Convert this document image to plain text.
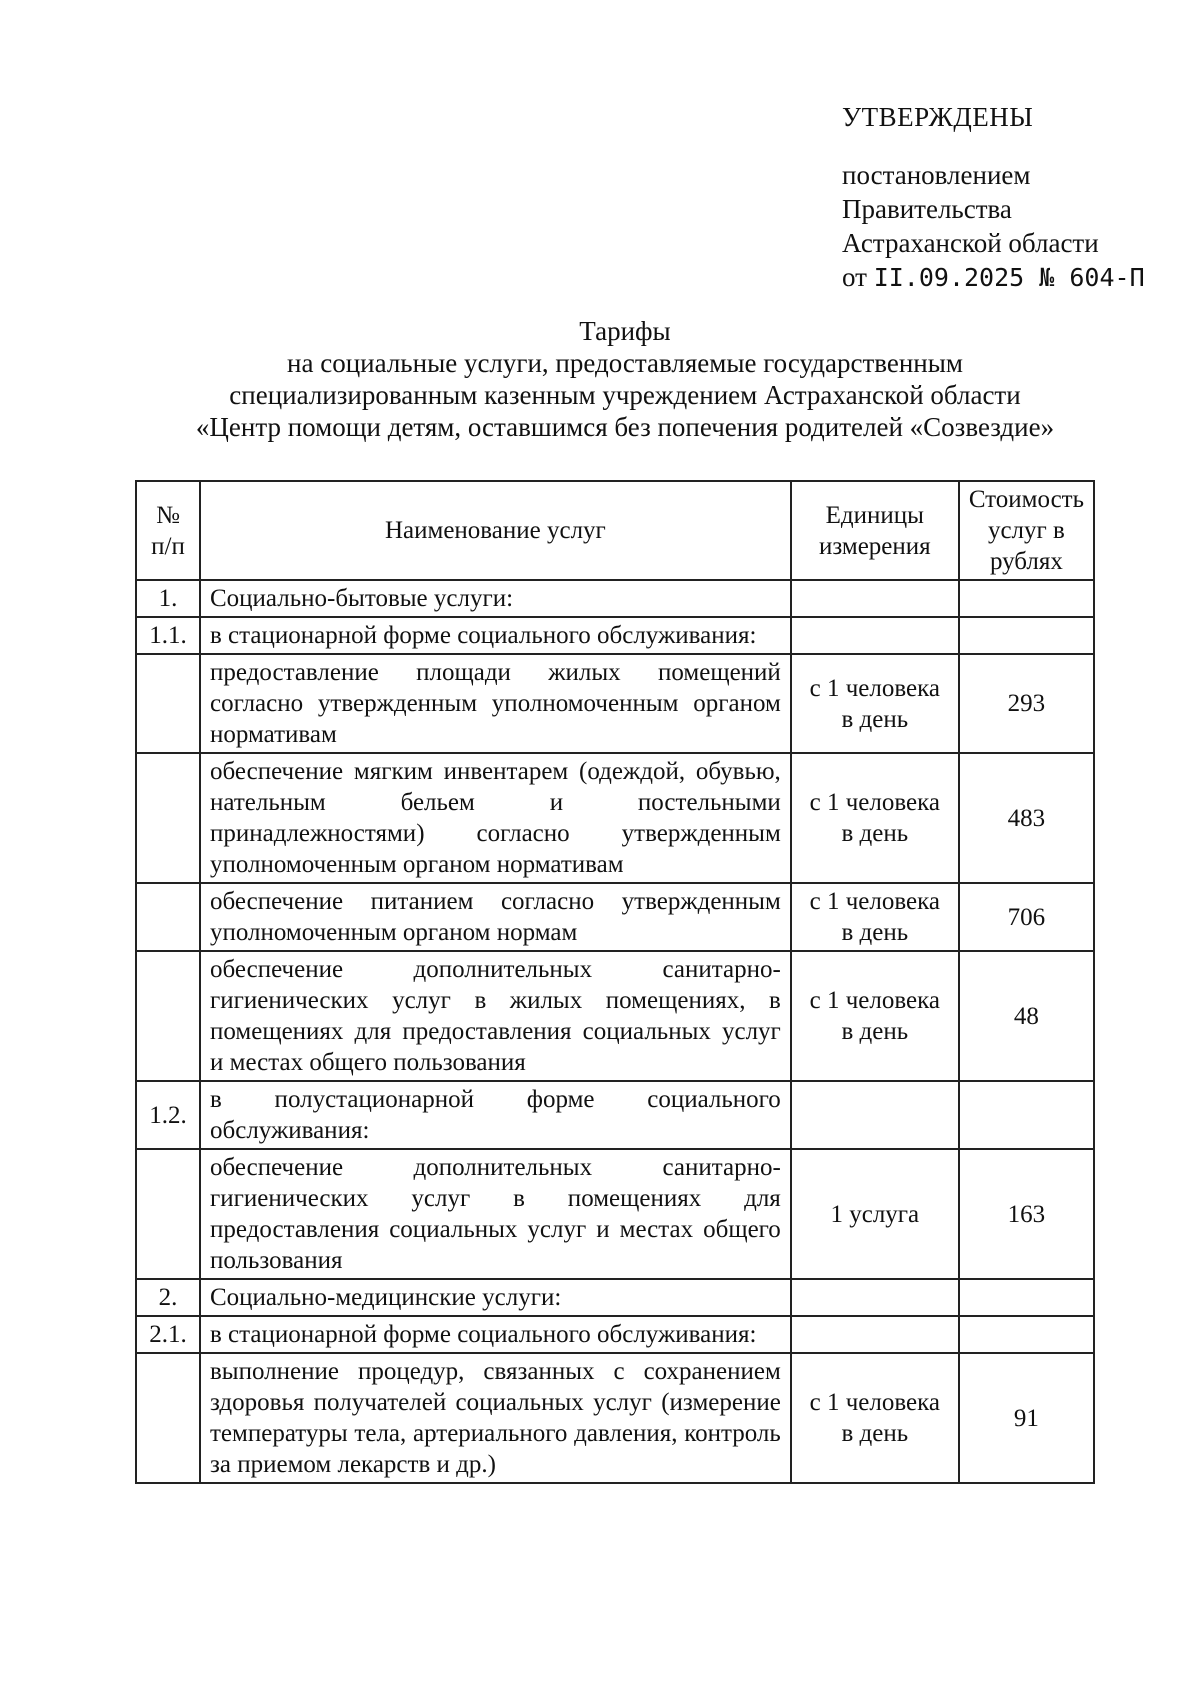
УТВЕРЖДЕНЫ
постановлением
Правительства
Астраханской области
от II.09.2025 № 604-П
Тарифы
на социальные услуги, предоставляемые государственным
специализированным казенным учреждением Астраханской области
«Центр помощи детям, оставшимся без попечения родителей «Созвездие»
№ п/п	Наименование услуг	Единицы измерения	Стоимость услуг в рублях
1.	Социально-бытовые услуги:		
1.1.	в стационарной форме социального обслуживания:		
	предоставление площади жилых помещений согласно утвержденным уполномоченным органом нормативам	с 1 человека в день	293
	обеспечение мягким инвентарем (одеждой, обувью, нательным бельем и постельными принадлежностями) согласно утвержденным уполномоченным органом нормативам	с 1 человека в день	483
	обеспечение питанием согласно утвержденным уполномоченным органом нормам	с 1 человека в день	706
	обеспечение дополнительных санитарно-гигиенических услуг в жилых помещениях, в помещениях для предоставления социальных услуг и местах общего пользования	с 1 человека в день	48
1.2.	в полустационарной форме социального обслуживания:		
	обеспечение дополнительных санитарно-гигиенических услуг в помещениях для предоставления социальных услуг и местах общего пользования	1 услуга	163
2.	Социально-медицинские услуги:		
2.1.	в стационарной форме социального обслуживания:		
	выполнение процедур, связанных с сохранением здоровья получателей социальных услуг (измерение температуры тела, артериального давления, контроль за приемом лекарств и др.)	с 1 человека в день	91
